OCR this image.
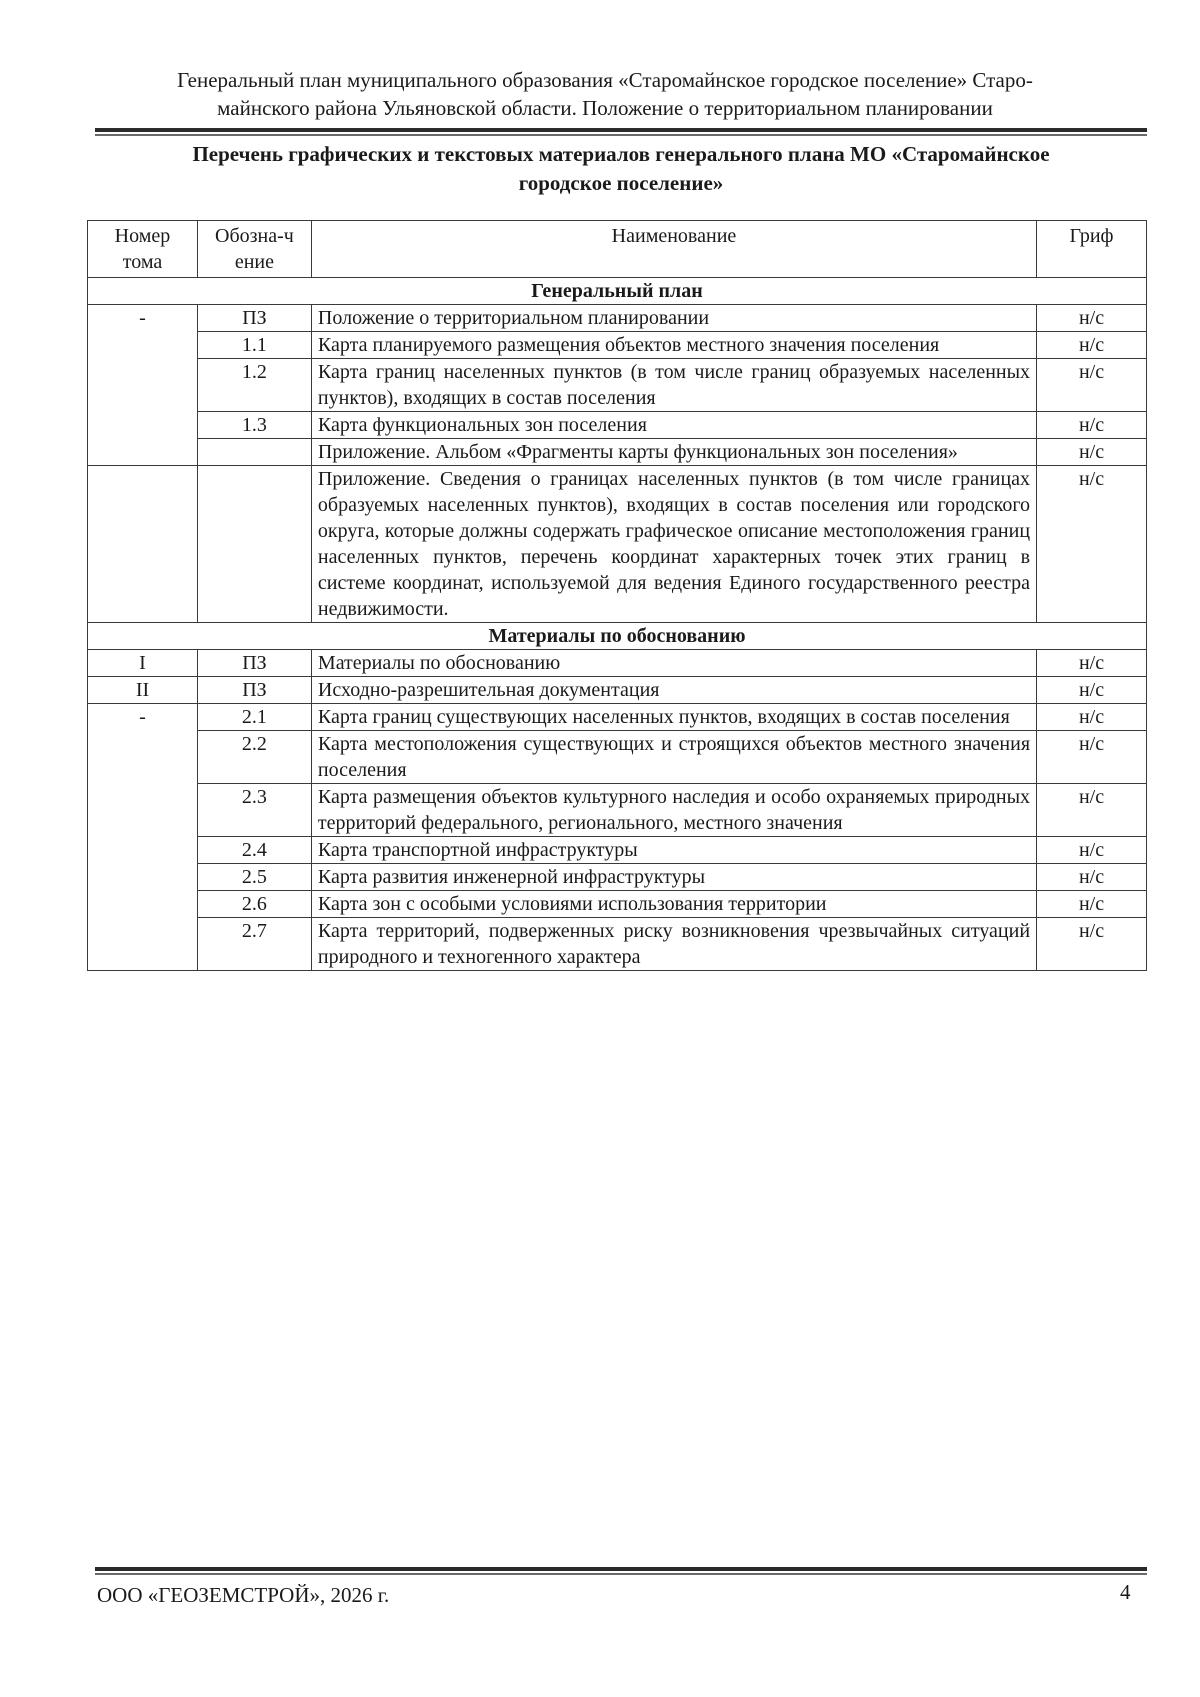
Генеральный план муниципального образования «Старомайнское городское поселение» Старо-
майнского района Ульяновской области. Положение о территориальном планировании
Перечень графических и текстовых материалов генерального плана МО «Старомайнское
городское поселение»
Номер тома	Обозна-чение	Наименование	Гриф
Генеральный план			
-	ПЗ	Положение о территориальном планировании	н/с
	1.1	Карта планируемого размещения объектов местного значения поселения	н/с
	1.2	Карта границ населенных пунктов (в том числе границ образуемых населенных пунктов), входящих в состав поселения	н/с
	1.3	Карта функциональных зон поселения	н/с
		Приложение. Альбом «Фрагменты карты функциональных зон поселения»	н/с
		Приложение. Сведения о границах населенных пунктов (в том числе границах образуемых населенных пунктов), входящих в состав поселения или городского округа, которые должны содержать графическое описание местоположения границ населенных пунктов, перечень координат характерных точек этих границ в системе координат, используемой для ведения Единого государственного реестра недвижимости.	н/с
Материалы по обоснованию			
I	ПЗ	Материалы по обоснованию	н/с
II	ПЗ	Исходно-разрешительная документация	н/с
-	2.1	Карта границ существующих населенных пунктов, входящих в состав поселения	н/с
	2.2	Карта местоположения существующих и строящихся объектов местного значения поселения	н/с
	2.3	Карта размещения объектов культурного наследия и особо охраняемых природных территорий федерального, регионального, местного значения	н/с
	2.4	Карта транспортной инфраструктуры	н/с
	2.5	Карта развития инженерной инфраструктуры	н/с
	2.6	Карта зон с особыми условиями использования территории	н/с
	2.7	Карта территорий, подверженных риску возникновения чрезвычайных ситуаций природного и техногенного характера	н/с
ООО «ГЕОЗЕМСТРОЙ», 2026 г.	4
